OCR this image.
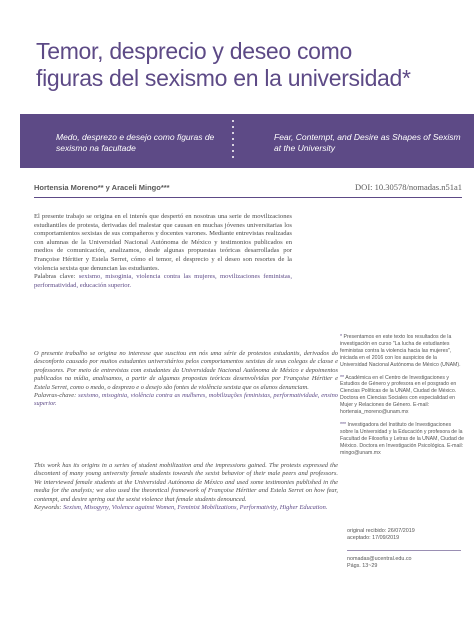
Temor, desprecio y deseo como
figuras del sexismo en la universidad*
Medo, desprezo e desejo como figuras de sexismo na facultade
Fear, Contempt, and Desire as Shapes of Sexism at the University
Hortensia Moreno** y Araceli Mingo***	DOI: 10.30578/nomadas.n51a1
El presente trabajo se origina en el interés que despertó en nosotras una serie de movilizaciones estudiantiles de protesta, derivadas del malestar que causan en muchas jóvenes universitarias los comportamientos sexistas de sus compañeros y docentes varones. Mediante entrevistas realizadas con alumnas de la Universidad Nacional Autónoma de México y testimonios publicados en medios de comunicación, analizamos, desde algunas propuestas teóricas desarrolladas por Françoise Héritier y Estela Serret, cómo el temor, el desprecio y el deseo son resortes de la violencia sexista que denuncian las estudiantes.
Palabras clave: sexismo, misoginia, violencia contra las mujeres, movilizaciones feministas, performatividad, educación superior.
O presente trabalho se origina no interesse que suscitou em nós uma série de protestos estudantis, derivados do desconforto causado por muitos estudantes universitários pelos comportamentos sexistas de seus colegas de classe e professores. Por meio de entrevistas com estudantes da Universidade Nacional Autônoma de México e depoimentos publicados na mídia, analisamos, a partir de algumas propostas teóricas desenvolvidas por Françoise Héritier e Estela Serret, como o medo, o desprezo e o desejo são fontes de violência sexista que os alunos denunciam.
Palavras-chave: sexismo, misoginia, violência contra as mulheres, mobilizações feministas, performatividade, ensino superior.
This work has its origins in a series of student mobilization and the impressions gained. The protests expressed the discontent of many young university female students towards the sexist behavior of their male peers and professors. We interviewed female students at the Universidad Autónoma de México and used some testimonies published in the media for the analysis; we also used the theoretical framework of Françoise Héritier and Estela Serret on how fear, contempt, and desire spring out the sexist violence that female students denounced.
Keywords: Sexism, Misogyny, Violence against Women, Feminist Mobilizations, Performativity, Higher Education.

* Presentamos en este texto los resultados de la investigación en curso "La lucha de estudiantes feministas contra la violencia hacia las mujeres", iniciada en el 2016 con los auspicios de la Universidad Nacional Autónoma de México (UNAM).

** Académica en el Centro de Investigaciones y Estudios de Género y profesora en el posgrado en Ciencias Políticas de la UNAM, Ciudad de México. Doctora en Ciencias Sociales con especialidad en Mujer y Relaciones de Género. E-mail: hortensia_moreno@unam.mx

*** Investigadora del Instituto de Investigaciones sobre la Universidad y la Educación y profesora de la Facultad de Filosofía y Letras de la UNAM, Ciudad de México. Doctora en Investigación Psicológica. E-mail: mingo@unam.mx

original recibido: 26/07/2019
aceptado: 17/09/2019
nomadas@ucentral.edu.co
Págs. 13~29
